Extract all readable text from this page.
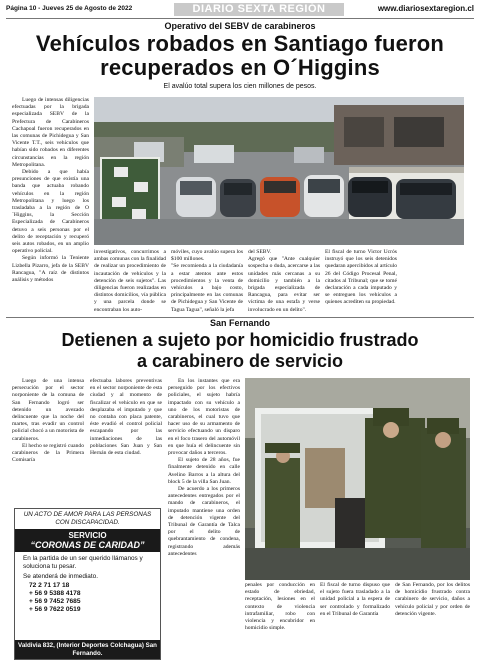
Página 10 - Jueves 25 de Agosto de 2022	DIARIO SEXTA REGIÓN	www.diariosextaregion.cl
Operativo del SEBV de carabineros
Vehículos robados en Santiago fueron
recuperados en O´Higgins
El avalúo total supera los cien millones de pesos.

Luego de intensas diligencias efectuadas por la brigada especializada SEBV de la Prefectura de Carabineros Cachapoal fueron recuperados en las comunas de Pichidegua y San Vicente T.T., seis vehículos que habían sido robados en diferentes circunstancias en la región Metropolitana.

Debido a que había presunciones de que existía una banda que actuaba robando vehículos en la región Metropolitana y luego los trasladaba a la región de O´Higgins, la Sección Especializada de Carabineros detuvo a seis personas por el delito de receptación y recuperó seis autos robados, en un amplio operativo policial.

Según informó la Teniente Lizbella Pizarro, jefa de la SEBV Rancagua, "A raíz de distintos análisis y métodos

investigativos, concurrimos a ambas comunas con la finalidad de realizar un procedimiento de incautación de vehículos y la detención de seis sujetos". Las diligencias fueron realizadas en distintos domicilios, vía pública y una parcela donde se encontraban los auto-
móviles, cuyo avalúo supera los $100 millones.
"Se recomienda a la ciudadanía a estar atentos ante estos procedimientos y la venta de vehículos a bajo costo, principalmente en las comunas de Pichidegua y San Vicente de Tagua Tagua", señaló la jefa
del SEBV.
Agregó que "Ante cualquier sospecha o duda, acercarse a las unidades más cercanas a su domicilio y también a la brigada especializada de Rancagua, para evitar ser víctima de una estafa y verse involucrado en un delito".
El fiscal de turno Victor Ucrós instruyó que los seis detenidos quedaran apercibidos al artículo 26 del Código Procesal Penal, citados al Tribunal; que se tomé declaración a cada imputado y se entreguen los vehículos a quienes acrediten su propiedad.
San Fernando
Detienen a sujeto por homicidio frustrado
a carabinero de servicio

Luego de una intensa persecución por el sector norponiente de la comuna de San Fernando logró ser detenido un avezado delincuente que la noche del martes, tras evadir un control policial chocó a un motorista de carabineros.

El hecho se registró cuando carabineros de la Primera Comisaría

efectuaba labores preventivas en el sector norponiente de esta ciudad y al momento de fiscalizar el vehículo en que se desplazaba el imputado y que no contaba con placa patente, éste evadió el control policial escapando por las inmediaciones de las poblaciones San Juan y San Hernán de esta ciudad.

En los instantes que era perseguido por los efectivos policiales, el sujeto habría impactado con su vehículo a uno de los motoristas de carabineros, el cual tuvo que hacer uso de su armamento de servicio efectuando un disparo en el foco trasero del automóvil en que huía el delincuente sin provocar daños a terceros.

El sujeto de 28 años, fue finalmente detenido en calle Avelino Barros a la altura del block 5 de la villa San Juan.

De acuerdo a los primeros antecedentes entregados por el mando de carabineros, el imputado mantiene una orden de detención vigente del Tribunal de Garantía de Talca por el delito de quebrantamiento de condena, registrando además antecedentes

UN ACTO DE AMOR PARA LAS PERSONAS CON DISCAPACIDAD.
SERVICIO
“CORONAS DE CARIDAD”
En la partida de un ser querido llámanos y soluciona tu pesar.
Se atenderá de inmediato.
72 2 71 17 18
+ 56 9 5388 4178
+ 56 9 7452 7685
+ 56 9 7622 0519
Valdivia 832, (Interior Deportes Colchagua) San Fernando.
penales por conducción en estado de ebriedad, receptación, lesiones en el contexto de violencia intrafamiliar, robo con violencia y encubridor en homicidio simple.
El fiscal de turno dispuso que el sujeto fuera trasladado a la unidad policial a la espera de ser controlado y formalizado en el Tribunal de Garantía
de San Fernando, por los delitos de homicidio frustrado contra carabinero de servicio, daños a vehículo policial y por orden de detención vigente.
